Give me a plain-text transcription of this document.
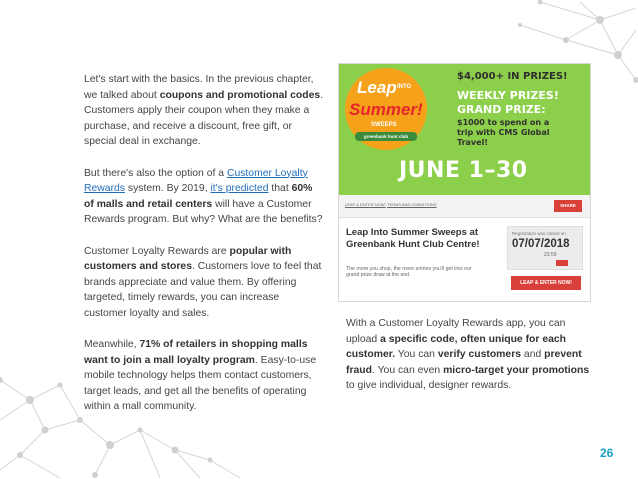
Let's start with the basics. In the previous chapter, we talked about coupons and promotional codes. Customers apply their coupon when they make a purchase, and receive a discount, free gift, or special deal in exchange.

But there's also the option of a Customer Loyalty Rewards system. By 2019, it's predicted that 60% of malls and retail centers will have a Customer Rewards program. But why? What are the benefits?

Customer Loyalty Rewards are popular with customers and stores. Customers love to feel that brands appreciate and value them. By offering targeted, timely rewards, you can increase customer loyalty and sales.

Meanwhile, 71% of retailers in shopping malls want to join a mall loyalty program. Easy-to-use mobile technology helps them contact customers, target leads, and get all the benefits of operating within a mall community.

Leap INTO
Summer!
SWEEPS
greenbank hunt club
$4,000+ IN PRIZES!
WEEKLY PRIZES!
GRAND PRIZE:
$1000 to spend on a
trip with CMS Global
Travel!
JUNE 1–30
LEAP & ENTER NOW! TERMS AND CONDITIONS	SHARE
Leap Into Summer Sweeps at Greenbank Hunt Club Centre!
The more you shop, the more entries you'll get into our grand prize draw at the end.
Registration was closed on
07/07/2018
23:59
LEAP & ENTER NOW!

With a Customer Loyalty Rewards app, you can upload a specific code, often unique for each customer. You can verify customers and prevent fraud. You can even micro-target your promotions to give individual, designer rewards.

26
